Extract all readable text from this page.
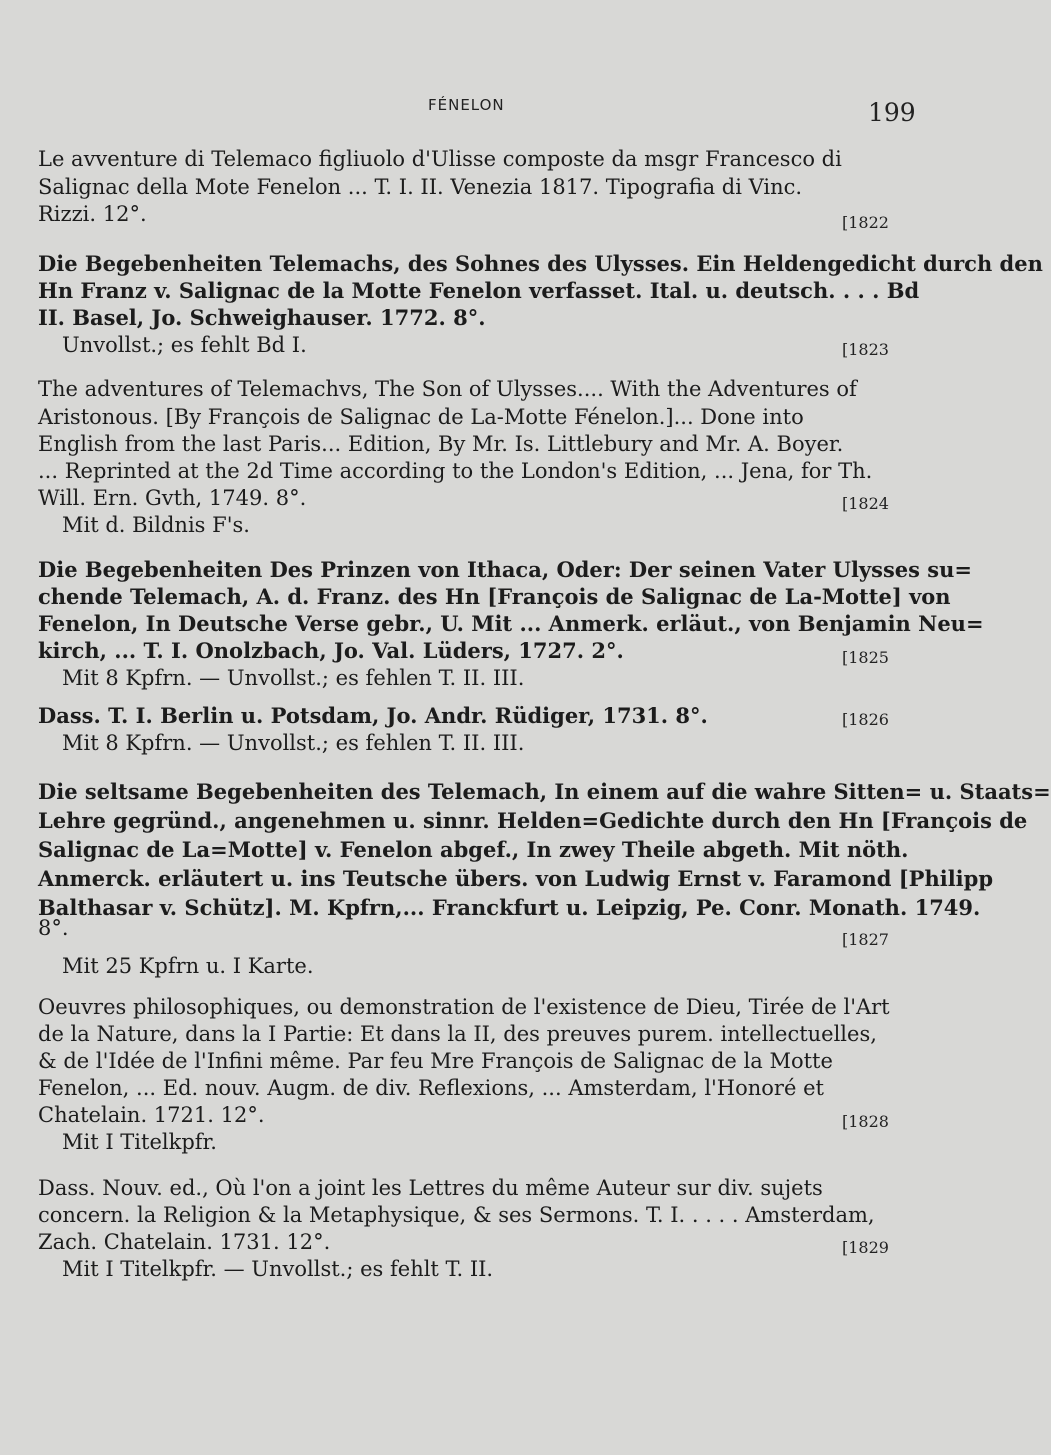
FÉNELON	199
Le avventure di Telemaco figliuolo d'Ulisse composte da msgr Francesco di
Salignac della Mote Fenelon ... T. I. II. Venezia 1817. Tipografia di Vinc.
Rizzi. 12°.	[1822
Die Begebenheiten Telemachs, des Sohnes des Ulysses. Ein Heldengedicht durch den
Hn Franz v. Salignac de la Motte Fenelon verfasset. Ital. u. deutsch. . . . Bd
II. Basel, Jo. Schweighauser. 1772. 8°.
[1823
Unvollst.; es fehlt Bd I.
The adventures of Telemachvs, The Son of Ulysses.... With the Adventures of
Aristonous. [By François de Salignac de La-Motte Fénelon.]... Done into
English from the last Paris... Edition, By Mr. Is. Littlebury and Mr. A. Boyer.
... Reprinted at the 2d Time according to the London's Edition, ... Jena, for Th.
Will. Ern. Gvth, 1749. 8°.	[1824
Mit d. Bildnis F's.
Die Begebenheiten Des Prinzen von Ithaca, Oder: Der seinen Vater Ulysses su=
chende Telemach, A. d. Franz. des Hn [François de Salignac de La-Motte] von
Fenelon, In Deutsche Verse gebr., U. Mit ... Anmerk. erläut., von Benjamin Neu=
kirch, ... T. I. Onolzbach, Jo. Val. Lüders, 1727. 2°.	[1825
Mit 8 Kpfrn. — Unvollst.; es fehlen T. II. III.
Dass. T. I. Berlin u. Potsdam, Jo. Andr. Rüdiger, 1731. 8°.	[1826
Mit 8 Kpfrn. — Unvollst.; es fehlen T. II. III.
Die seltsame Begebenheiten des Telemach, In einem auf die wahre Sitten= u. Staats=
Lehre gegründ., angenehmen u. sinnr. Helden=Gedichte durch den Hn [François de
Salignac de La=Motte] v. Fenelon abgef., In zwey Theile abgeth. Mit nöth.
Anmerck. erläutert u. ins Teutsche übers. von Ludwig Ernst v. Faramond [Philipp
Balthasar v. Schütz]. M. Kpfrn,... Franckfurt u. Leipzig, Pe. Conr. Monath. 1749.
8°.	[1827
Mit 25 Kpfrn u. I Karte.
Oeuvres philosophiques, ou demonstration de l'existence de Dieu, Tirée de l'Art
de la Nature, dans la I Partie: Et dans la II, des preuves purem. intellectuelles,
& de l'Idée de l'Infini même. Par feu Mre François de Salignac de la Motte
Fenelon, ... Ed. nouv. Augm. de div. Reflexions, ... Amsterdam, l'Honoré et
Chatelain. 1721. 12°.	[1828
Mit I Titelkpfr.
Dass. Nouv. ed., Où l'on a joint les Lettres du même Auteur sur div. sujets
concern. la Religion & la Metaphysique, & ses Sermons. T. I. . . . . Amsterdam,
Zach. Chatelain. 1731. 12°.	[1829
Mit I Titelkpfr. — Unvollst.; es fehlt T. II.
